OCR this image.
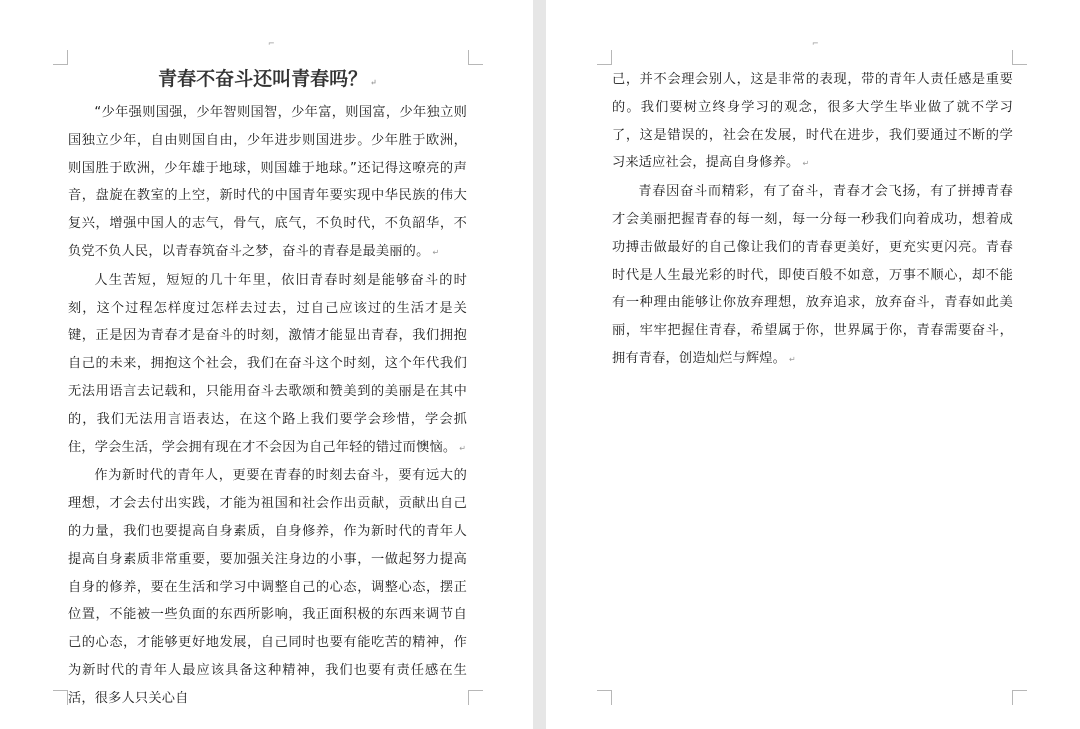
⌐
青春不奋斗还叫青春吗？ ↵

“少年强则国强，少年智则国智，少年富，则国富，少年独立则国独立少年，自由则国自由，少年进步则国进步。少年胜于欧洲，则国胜于欧洲，少年雄于地球，则国雄于地球。”还记得这嘹亮的声音，盘旋在教室的上空，新时代的中国青年要实现中华民族的伟大复兴，增强中国人的志气，骨气，底气，不负时代，不负韶华，不负党不负人民，以青春筑奋斗之梦，奋斗的青春是最美丽的。 ↵

人生苦短，短短的几十年里，依旧青春时刻是能够奋斗的时刻，这个过程怎样度过怎样去过去，过自己应该过的生活才是关键，正是因为青春才是奋斗的时刻，激情才能显出青春，我们拥抱自己的未来，拥抱这个社会，我们在奋斗这个时刻，这个年代我们无法用语言去记载和，只能用奋斗去歌颂和赞美到的美丽是在其中的，我们无法用言语表达，在这个路上我们要学会珍惜，学会抓住，学会生活，学会拥有现在才不会因为自己年轻的错过而懊恼。 ↵

作为新时代的青年人，更要在青春的时刻去奋斗，要有远大的理想，才会去付出实践，才能为祖国和社会作出贡献，贡献出自己的力量，我们也要提高自身素质，自身修养，作为新时代的青年人提高自身素质非常重要，要加强关注身边的小事，一做起努力提高自身的修养，要在生活和学习中调整自己的心态，调整心态，摆正位置，不能被一些负面的东西所影响，我正面积极的东西来调节自己的心态，才能够更好地发展，自己同时也要有能吃苦的精神，作为新时代的青年人最应该具备这种精神，我们也要有责任感在生活，很多人只关心自

⌐

己，并不会理会别人，这是非常的表现，带的青年人责任感是重要的。我们要树立终身学习的观念，很多大学生毕业做了就不学习了，这是错误的，社会在发展，时代在进步，我们要通过不断的学习来适应社会，提高自身修养。 ↵

青春因奋斗而精彩，有了奋斗，青春才会飞扬，有了拼搏青春才会美丽把握青春的每一刻，每一分每一秒我们向着成功，想着成功搏击做最好的自己像让我们的青春更美好，更充实更闪亮。青春时代是人生最光彩的时代，即使百般不如意，万事不顺心，却不能有一种理由能够让你放弃理想，放弃追求，放弃奋斗，青春如此美丽，牢牢把握住青春，希望属于你，世界属于你，青春需要奋斗，拥有青春，创造灿烂与辉煌。 ↵
